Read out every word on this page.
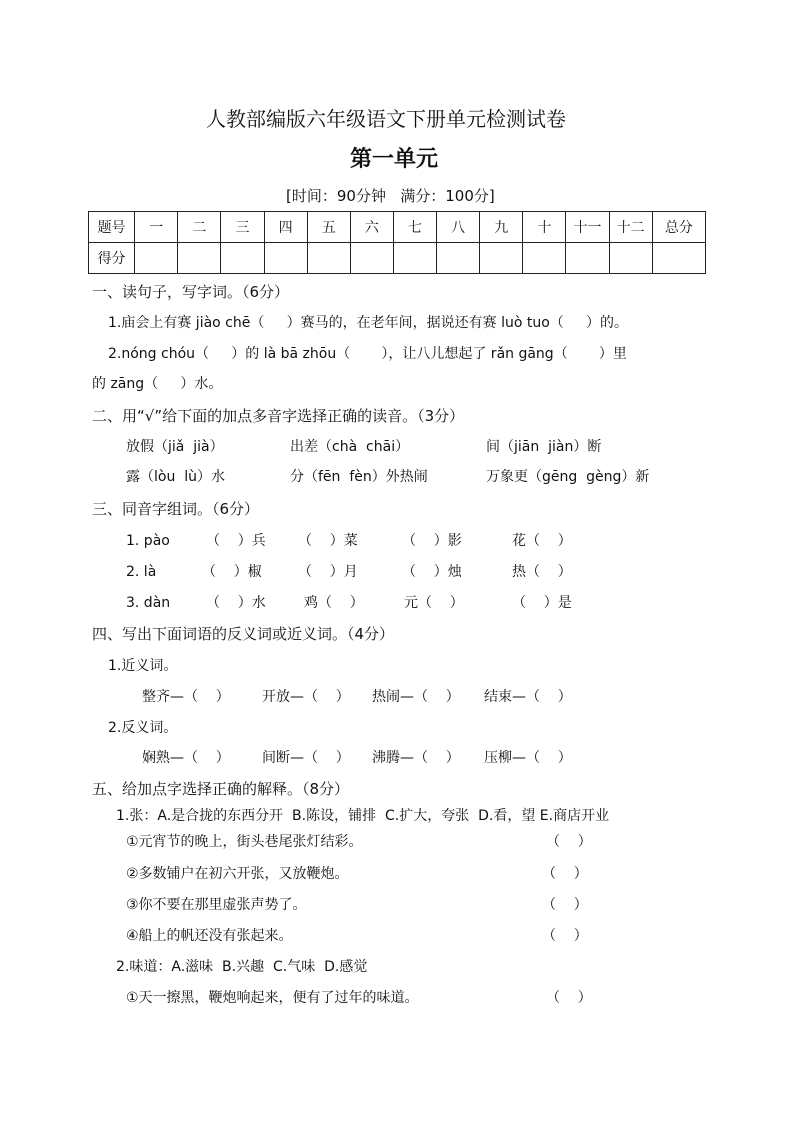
人教部编版六年级语文下册单元检测试卷
第一单元
[时间：90分钟   满分：100分]
题号	一	二	三	四	五	六	七	八	九	十	十一	十二	总分
得分													
一、读句子，写字词。（6分）
1.庙会上有赛 jiào chē（     ）赛马的，在老年间，据说还有赛 luò tuo（     ）的。
2.nóng chóu（     ）的 là bā zhōu（       ），让八儿想起了 rǎn gāng（       ）里
的 zāng（     ）水。
二、用“√”给下面的加点多音字选择正确的读音。（3分）
放假（jiǎ  jià）	出差（chà  chāi）	间（jiān  jiàn）断
露（lòu  lù）水	分（fēn  fèn）外热闹	万象更（gēng  gèng）新
三、同音字组词。（6分）
1. pào	（    ）兵 （    ）菜	（    ）影	花（    ）
2. là	（    ）椒	（    ）月	（    ）烛	热（    ）
3. dàn	（    ）水	鸡（    ）	元（    ）	（    ）是
四、写出下面词语的反义词或近义词。（4分）
1.近义词。
整齐—（    ） 开放—（    ） 热闹—（    ） 结束—（    ）
2.反义词。
娴熟—（    ） 间断—（    ） 沸腾—（    ） 压柳—（    ）
五、给加点字选择正确的解释。（8分）
1.张：A.是合拢的东西分开  B.陈设，铺排  C.扩大，夸张  D.看，望 E.商店开业
①元宵节的晚上，街头巷尾张灯结彩。	（    ）
②多数铺户在初六开张，又放鞭炮。	（    ）
③你不要在那里虚张声势了。	（    ）
④船上的帆还没有张起来。	（    ）
2.味道：A.滋味  B.兴趣  C.气味  D.感觉
①天一擦黑，鞭炮响起来，便有了过年的味道。	（    ）
